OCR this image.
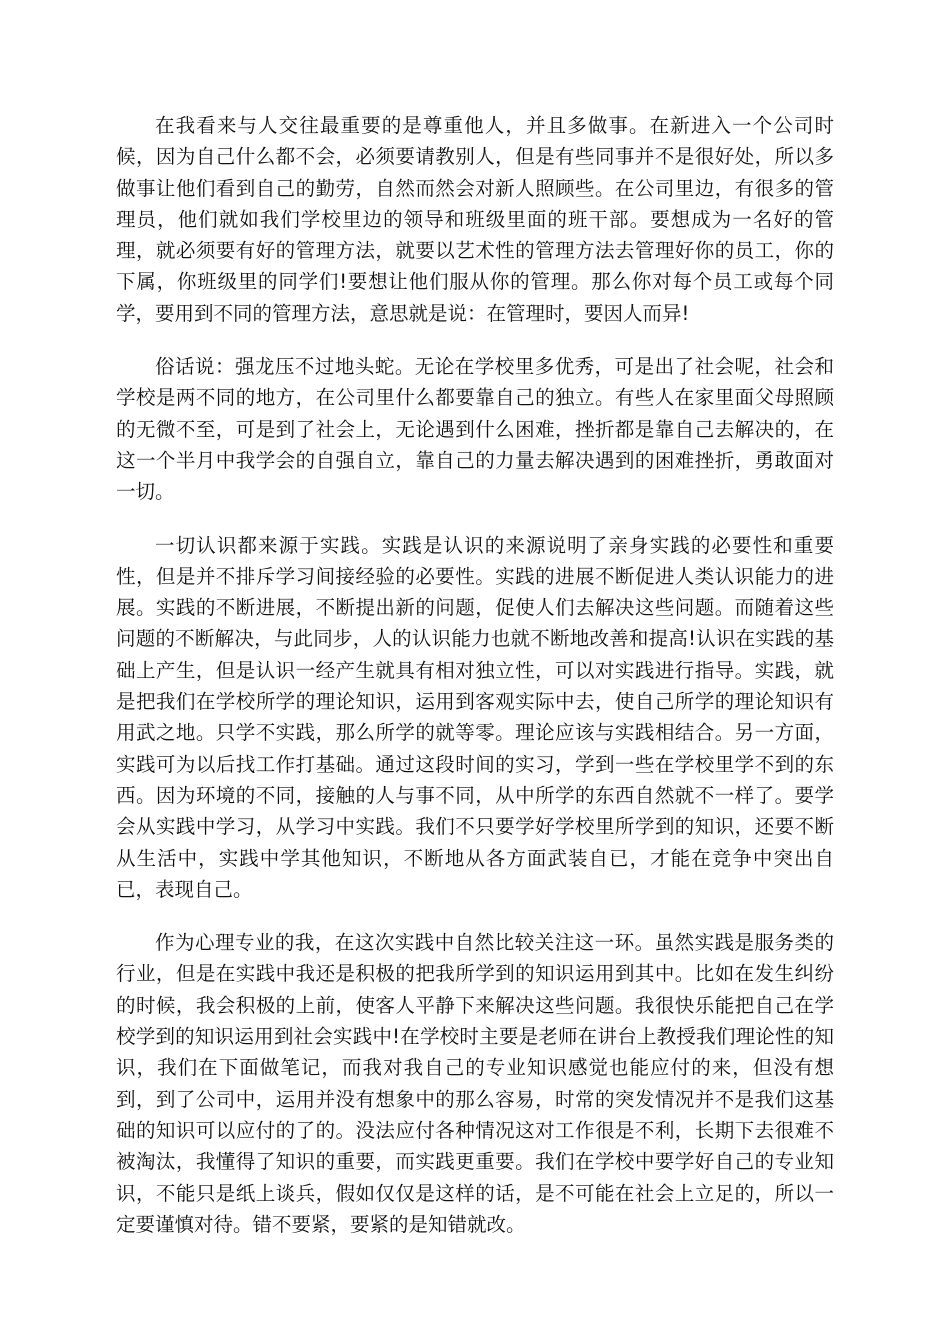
在我看来与人交往最重要的是尊重他人，并且多做事。在新进入一个公司时候，因为自己什么都不会，必须要请教别人，但是有些同事并不是很好处，所以多做事让他们看到自己的勤劳，自然而然会对新人照顾些。在公司里边，有很多的管理员，他们就如我们学校里边的领导和班级里面的班干部。要想成为一名好的管理，就必须要有好的管理方法，就要以艺术性的管理方法去管理好你的员工，你的下属，你班级里的同学们!要想让他们服从你的管理。那么你对每个员工或每个同学，要用到不同的管理方法，意思就是说：在管理时，要因人而异!

俗话说：强龙压不过地头蛇。无论在学校里多优秀，可是出了社会呢，社会和学校是两不同的地方，在公司里什么都要靠自己的独立。有些人在家里面父母照顾的无微不至，可是到了社会上，无论遇到什么困难，挫折都是靠自己去解决的，在这一个半月中我学会的自强自立，靠自己的力量去解决遇到的困难挫折，勇敢面对一切。

一切认识都来源于实践。实践是认识的来源说明了亲身实践的必要性和重要性，但是并不排斥学习间接经验的必要性。实践的进展不断促进人类认识能力的进展。实践的不断进展，不断提出新的问题，促使人们去解决这些问题。而随着这些问题的不断解决，与此同步，人的认识能力也就不断地改善和提高!认识在实践的基础上产生，但是认识一经产生就具有相对独立性，可以对实践进行指导。实践，就是把我们在学校所学的理论知识，运用到客观实际中去，使自己所学的理论知识有用武之地。只学不实践，那么所学的就等零。理论应该与实践相结合。另一方面，实践可为以后找工作打基础。通过这段时间的实习，学到一些在学校里学不到的东西。因为环境的不同，接触的人与事不同，从中所学的东西自然就不一样了。要学会从实践中学习，从学习中实践。我们不只要学好学校里所学到的知识，还要不断从生活中，实践中学其他知识，不断地从各方面武装自已，才能在竞争中突出自已，表现自己。

作为心理专业的我，在这次实践中自然比较关注这一环。虽然实践是服务类的行业，但是在实践中我还是积极的把我所学到的知识运用到其中。比如在发生纠纷的时候，我会积极的上前，使客人平静下来解决这些问题。我很快乐能把自己在学校学到的知识运用到社会实践中!在学校时主要是老师在讲台上教授我们理论性的知识，我们在下面做笔记，而我对我自己的专业知识感觉也能应付的来，但没有想到，到了公司中，运用并没有想象中的那么容易，时常的突发情况并不是我们这基础的知识可以应付的了的。没法应付各种情况这对工作很是不利，长期下去很难不被淘汰，我懂得了知识的重要，而实践更重要。我们在学校中要学好自己的专业知识，不能只是纸上谈兵，假如仅仅是这样的话，是不可能在社会上立足的，所以一定要谨慎对待。错不要紧，要紧的是知错就改。
